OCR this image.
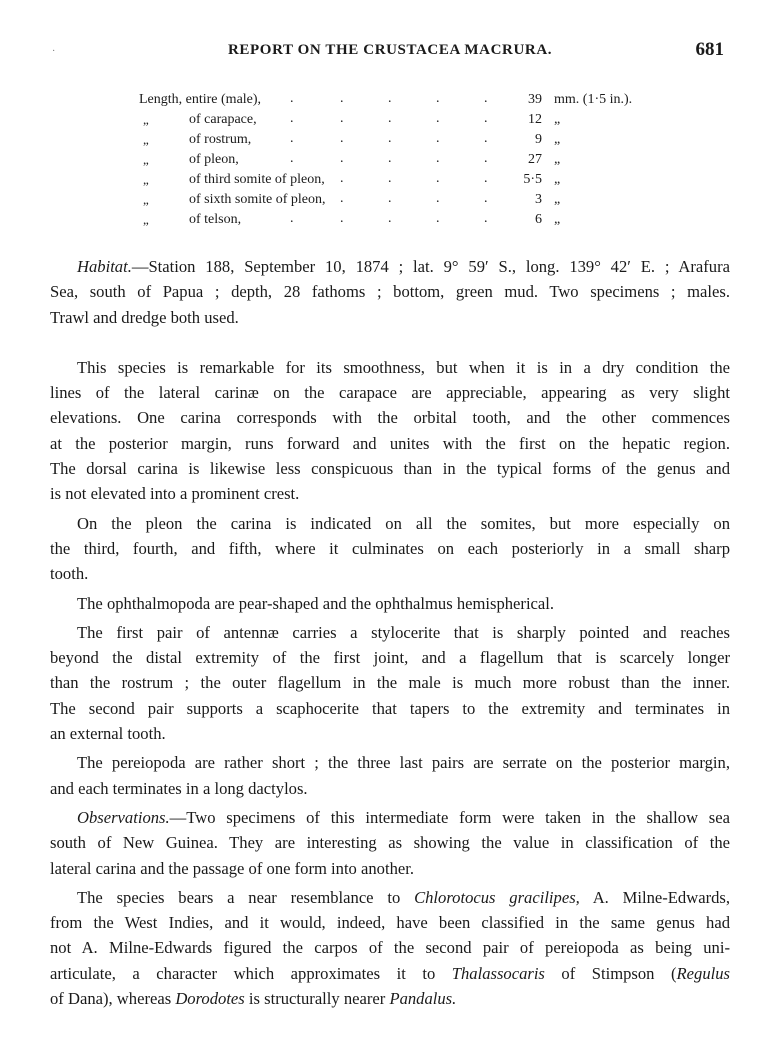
·	REPORT ON THE CRUSTACEA MACRURA.	681
Length, entire (male), .	.	.	.	.	39 mm. (1·5 in.).
„	of carapace, .	.	.	.	.	12 „
„	of rostrum,	.	.	.	.	.	9 „
„	of pleon,	.	.	.	.	.	27 „
„	of third somite of pleon, .	.	.	.	5·5 „
„	of sixth somite of pleon, .	.	.	.	3 „
„	of telson,	.	.	.	.	.	6 „

Habitat.—Station 188, September 10, 1874 ; lat. 9° 59′ S., long. 139° 42′ E. ; Arafura

Sea, south of Papua ; depth, 28 fathoms ; bottom, green mud. Two specimens ; males.

Trawl and dredge both used.

This species is remarkable for its smoothness, but when it is in a dry condition the

lines of the lateral carinæ on the carapace are appreciable, appearing as very slight

elevations. One carina corresponds with the orbital tooth, and the other commences

at the posterior margin, runs forward and unites with the first on the hepatic region.

The dorsal carina is likewise less conspicuous than in the typical forms of the genus and

is not elevated into a prominent crest.

On the pleon the carina is indicated on all the somites, but more especially on

the third, fourth, and fifth, where it culminates on each posteriorly in a small sharp

tooth.

The ophthalmopoda are pear-shaped and the ophthalmus hemispherical.

The first pair of antennæ carries a stylocerite that is sharply pointed and reaches

beyond the distal extremity of the first joint, and a flagellum that is scarcely longer

than the rostrum ; the outer flagellum in the male is much more robust than the inner.

The second pair supports a scaphocerite that tapers to the extremity and terminates in

an external tooth.

The pereiopoda are rather short ; the three last pairs are serrate on the posterior margin,

and each terminates in a long dactylos.

Observations.—Two specimens of this intermediate form were taken in the shallow sea

south of New Guinea. They are interesting as showing the value in classification of the

lateral carina and the passage of one form into another.

The species bears a near resemblance to Chlorotocus gracilipes, A. Milne-Edwards,

from the West Indies, and it would, indeed, have been classified in the same genus had

not A. Milne-Edwards figured the carpos of the second pair of pereiopoda as being uni-

articulate, a character which approximates it to Thalassocaris of Stimpson (Regulus

of Dana), whereas Dorodotes is structurally nearer Pandalus.
